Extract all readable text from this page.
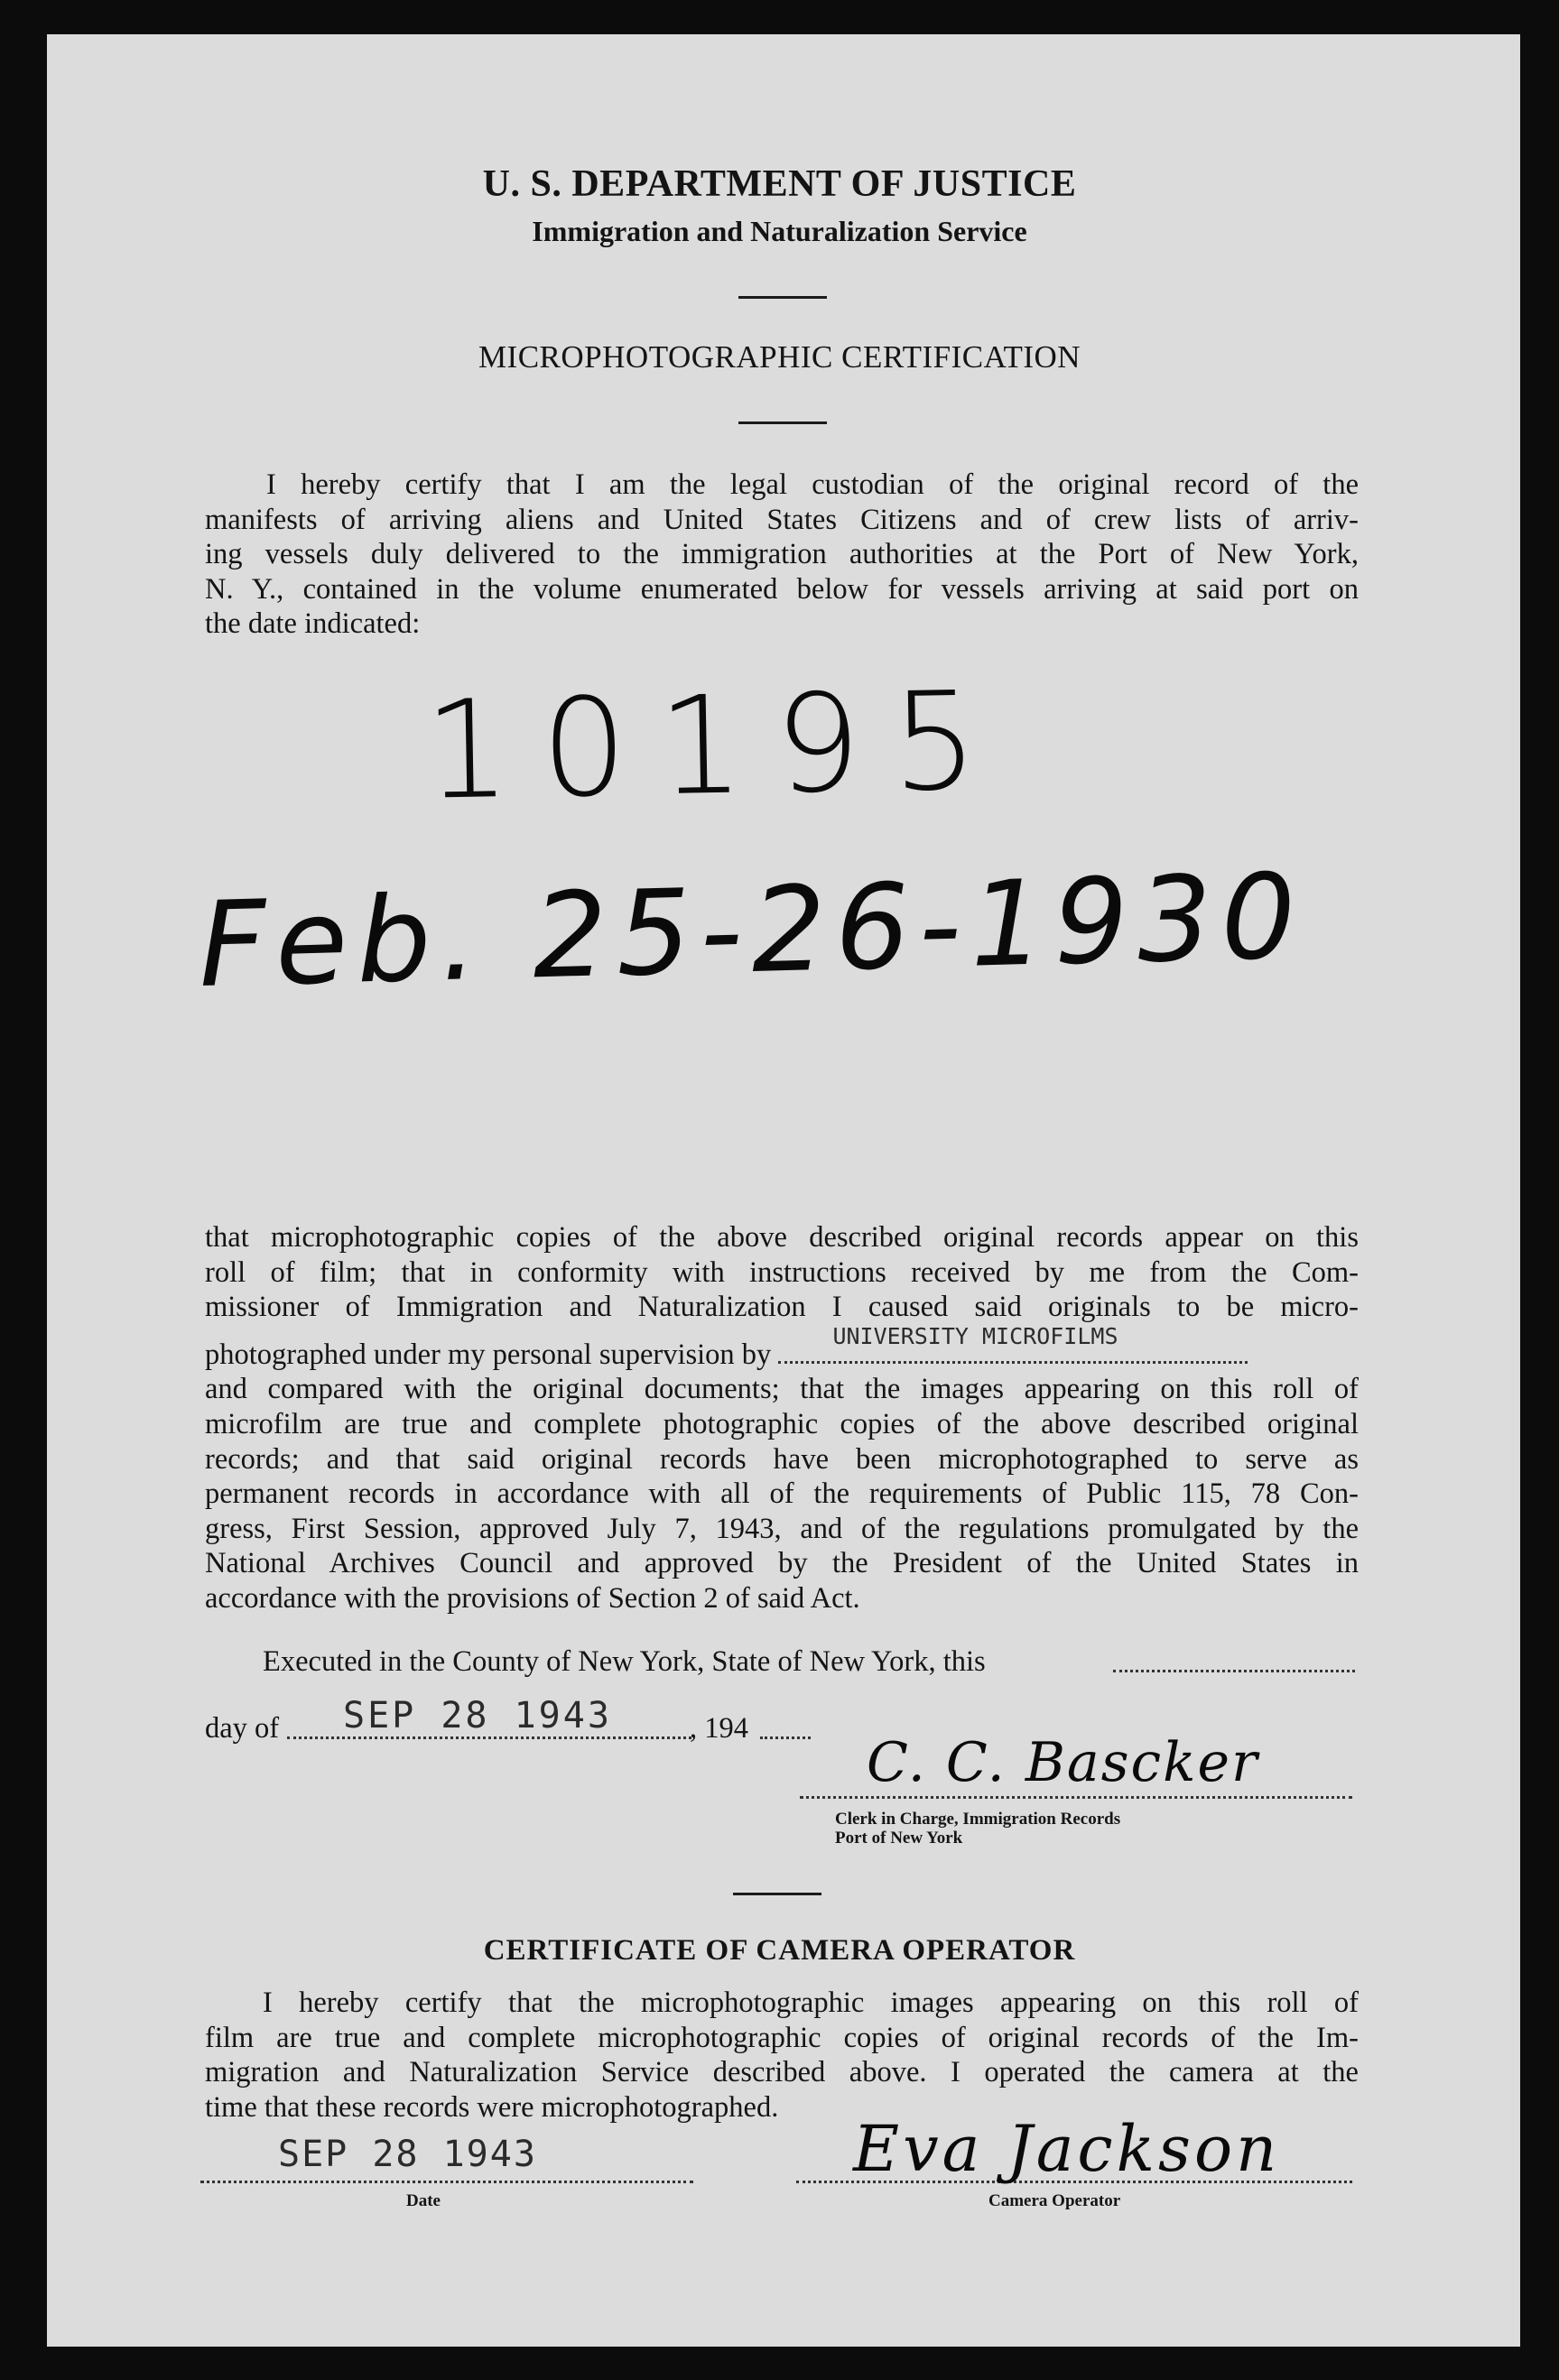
U. S. DEPARTMENT OF JUSTICE
Immigration and Naturalization Service
MICROPHOTOGRAPHIC CERTIFICATION
I hereby certify that I am the legal custodian of the original record of the
manifests of arriving aliens and United States Citizens and of crew lists of arriv-
ing vessels duly delivered to the immigration authorities at the Port of New York,
N. Y., contained in the volume enumerated below for vessels arriving at said port on
the date indicated:
10195
Feb. 25-26-1930
that microphotographic copies of the above described original records appear on this
roll of film; that in conformity with instructions received by me from the Com-
missioner of Immigration and Naturalization I caused said originals to be micro-
photographed under my personal supervision by
UNIVERSITY MICROFILMS
and compared with the original documents; that the images appearing on this roll of
microfilm are true and complete photographic copies of the above described original
records; and that said original records have been microphotographed to serve as
permanent records in accordance with all of the requirements of Public 115, 78 Con-
gress, First Session, approved July 7, 1943, and of the regulations promulgated by the
National Archives Council and approved by the President of the United States in
accordance with the provisions of Section 2 of said Act.
Executed in the County of New York, State of New York, this
day of	SEP 28 1943	, 194
C. C. Bascker
Clerk in Charge, Immigration Records
Port of New York
CERTIFICATE OF CAMERA OPERATOR
I hereby certify that the microphotographic images appearing on this roll of
film are true and complete microphotographic copies of original records of the Im-
migration and Naturalization Service described above. I operated the camera at the
time that these records were microphotographed.
SEP 28 1943
Date
Eva Jackson
Camera Operator
